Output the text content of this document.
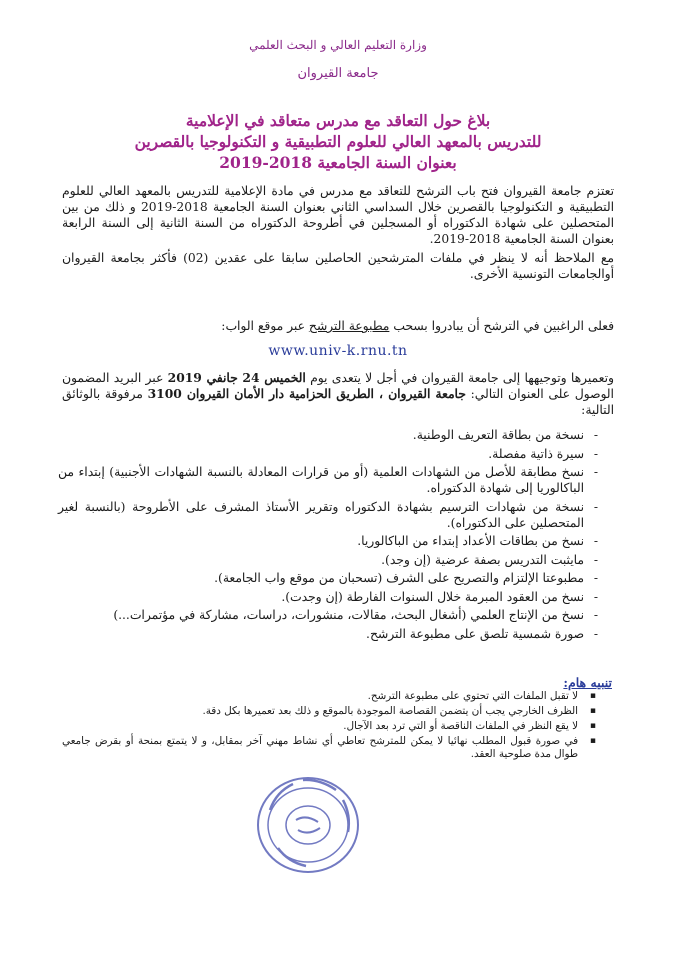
وزارة التعليم العالي و البحث العلمي
جامعة القيروان
بلاغ حول التعاقد مع مدرس متعاقد في الإعلامية
للتدريس بالمعهد العالي للعلوم التطبيقية و التكنولوجيا بالقصرين
بعنوان السنة الجامعية 2018-2019
تعتزم جامعة القيروان فتح باب الترشح للتعاقد مع مدرس في مادة الإعلامية للتدريس بالمعهد العالي للعلوم التطبيقية و التكنولوجيا بالقصرين خلال السداسي الثاني بعنوان السنة الجامعية 2018-2019 و ذلك من بين المتحصلين على شهادة الدكتوراه أو المسجلين في أطروحة الدكتوراه من السنة الثانية إلى السنة الرابعة بعنوان السنة الجامعية 2018-2019.
مع الملاحظ أنه لا ينظر في ملفات المترشحين الحاصلين سابقا على عقدين (02) فأكثر بجامعة القيروان أوالجامعات التونسية الأخرى.
فعلى الراغبين في الترشح أن يبادروا بسحب مطبوعة الترشح عبر موقع الواب:
www.univ-k.rnu.tn
وتعميرها وتوجيهها إلى جامعة القيروان في أجل لا يتعدى يوم الخميس 24 جانفي 2019 عبر البريد المضمون الوصول على العنوان التالي: جامعة القيروان ، الطريق الحزامية دار الأمان القيروان 3100 مرفوقة بالوثائق التالية:
- نسخة من بطاقة التعريف الوطنية.
- سيرة ذاتية مفصلة.
- نسخ مطابقة للأصل من الشهادات العلمية (أو من قرارات المعادلة بالنسبة الشهادات الأجنبية) إبتداء من الباكالوريا إلى شهادة الدكتوراه.
- نسخة من شهادات الترسيم بشهادة الدكتوراه وتقرير الأستاذ المشرف على الأطروحة (بالنسبة لغير المتحصلين على الدكتوراه).
- نسخ من بطاقات الأعداد إبتداء من الباكالوريا.
- مايثبت التدريس بصفة عرضية (إن وجد).
- مطبوعتا الإلتزام والتصريح على الشرف (تسحبان من موقع واب الجامعة).
- نسخ من العقود المبرمة خلال السنوات الفارطة (إن وجدت).
- نسخ من الإنتاج العلمي (أشغال البحث، مقالات، منشورات، دراسات، مشاركة في مؤتمرات...)
- صورة شمسية تلصق على مطبوعة الترشح.
تنبيه هام:
▪ لا تقبل الملفات التي تحتوي على مطبوعة الترشح.
▪ الظرف الخارجي يجب أن يتضمن القصاصة الموجودة بالموقع و ذلك بعد تعميرها بكل دقة.
▪ لا يقع النظر في الملفات الناقصة أو التي ترد بعد الآجال.
▪ في صورة قبول المطلب نهائيا لا يمكن للمترشح تعاطي أي نشاط مهني آخر بمقابل، و لا يتمتع بمنحة أو بقرض جامعي طوال مدة صلوحية العقد.
